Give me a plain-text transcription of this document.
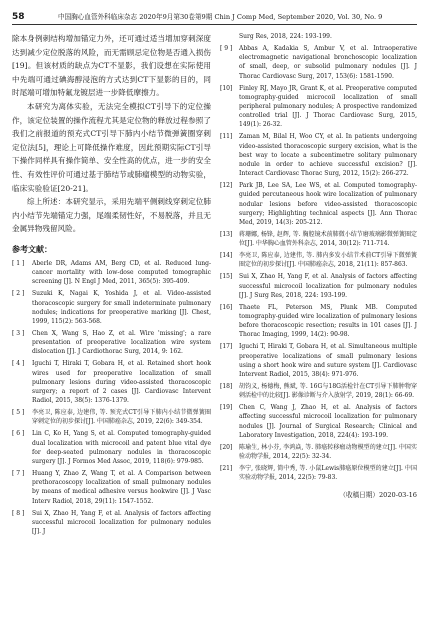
58	中国胸心血管外科临床杂志 2020年9月第30卷第9期 Chin J Comp Med, September 2020, Vol. 30, No. 9

除本身例刺结构增加锚定力外，还可通过适当增加穿刺深度达到减少定位脱落的风险，而无需顾忌定位物是否通入损伤[19]。但该材质的缺点为CT不显影，我们设想在实际使用中先端可通过碘海醇浸泡的方式达到CT下显影的目的，同时尾端可增加特氟龙镀层进一步降低摩擦力。

本研究为离体实验，无法完全模拟CT引导下的定位操作，该定位装置的操作流程尤其是定位物的释放过程参照了我们之前报道的预充式CT引导下肺内小结节微弹簧圈穿刺定位法[5]，理论上可降低操作难度，因此预期实际CT引导下操作同样具有操作简单、安全性高的优点，进一步的安全性、有效性评价可通过基于肺结节或肺瘤模型的动物实验，临床实验验证[20-21]。

综上所述：本研究显示，采用先端平侧刺线穿刺定位肺内小结节先端锚定力强，尾端柔韧性好，不易脱落，并且无金属异物残留风险。

参考文献：
[ 1 ]	Aberle DR, Adams AM, Berg CD, et al. Reduced lung-cancer mortality with low-dose computed tomographic screening [J]. N Engl J Med, 2011, 365(5): 395-409.
[ 2 ]	Suzuki K, Nagai K, Yoshida J, et al. Video-assisted thoracoscopic surgery for small indeterminate pulmonary nodules; indications for preoperative marking [J]. Chest, 1999, 115(2): 563-568.
[ 3 ]	Chen X, Wang S, Hao Z, et al. Wire 'missing'; a rare presentation of preoperative localization wire system dislocation [J]. J Cardiothorac Surg, 2014, 9: 162.
[ 4 ]	Iguchi T, Hiraki T, Gobara H, et al. Retained short hook wires used for preoperative localization of small pulmonary lesions during video-assisted thoracoscopic surgery; a report of 2 cases [J]. Cardiovasc Intervent Radiol, 2015, 38(5): 1376-1379.
[ 5 ]	李亮卫, 陈应泰, 边建伟, 等. 预充式CT引导下肺内小结节微弹簧圈穿刺定位的初步探讨[J]. 中国肺癌杂志, 2019, 22(6): 349-354.
[ 6 ]	Lin C, Ko H, Yang S, et al. Computed tomography-guided dual localization with microcoil and patent blue vital dye for deep-seated pulmonary nodules in thoracoscopic surgery [J]. J Formos Med Assoc, 2019, 118(6): 979-985.
[ 7 ]	Huang Y, Zhao Z, Wang T, et al. A Comparison between prethoracoscopy localization of small pulmonary nodules by means of medical adhesive versus hookwire [J]. J Vasc Interv Radiol, 2018, 29(11): 1547-1552.
[ 8 ]	Sui X, Zhao H, Yang F, et al. Analysis of factors affecting successful microcoil localization for pulmonary nodules [J]. J
Surg Res, 2018, 224: 193-199.
[ 9 ]	Abbas A, Kadakia S, Ambur V, et al. Intraoperative electromagnetic navigational bronchoscopic localization of small, deep, or subsolid pulmonary nodules [J]. J Thorac Cardiovasc Surg, 2017, 153(6): 1581-1590.
[10]	Finley RJ, Mayo JR, Grant K, et al. Preoperative computed tomography-guided microcoil localization of small peripheral pulmonary nodules; A prospective randomized controlled trial [J]. J Thorac Cardiovasc Surg, 2015, 149(1): 26-32.
[11]	Zaman M, Bilal H, Woo CY, et al. In patients undergoing video-assisted thoracoscopic surgery excision, what is the best way to locate a subcentimetre solitary pulmonary nodule in order to achieve successful excision? [J]. Interact Cardiovasc Thorac Surg, 2012, 15(2): 266-272.
[12]	Park JB, Lee SA, Lee WS, et al. Computed tomography-guided percutaneous hook wire localization of pulmonary nodular lesions before video-assisted thoracoscopic surgery; Highlighting technical aspects [J]. Ann Thorac Med, 2019, 14(3): 205-212.
[13]	蒋珊娜, 杨锋, 赵辉, 等. 胸腔镜术前肺微小结节磨玻璃影微弹簧圈定位[J]. 中华胸心血管外科杂志, 2014, 30(12): 711-714.
[14]	李亮卫, 陈应泰, 边建伟, 等. 肺内多发小结节术前CT引导下微弹簧圈定位的初步探讨[J]. 中国肺癌杂志, 2018, 21(11): 857-863.
[15]	Sui X, Zhao H, Yang F, et al. Analysis of factors affecting successful microcoil localization for pulmonary nodules [J]. J Surg Res, 2018, 224: 193-199.
[16]	Thaete FL, Peterson MS, Plunk MB. Computed tomography-guided wire localization of pulmonary lesions before thoracoscopic resection; results in 101 cases [J]. J Thorac Imaging, 1999, 14(2): 90-98.
[17]	Iguchi T, Hiraki T, Gobara H, et al. Simultaneous multiple preoperative localizations of small pulmonary lesions using a short hook wire and suture system [J]. Cardiovasc Intervent Radiol, 2015, 38(4): 971-976.
[18]	胡钧义, 杨德梅, 熊斌, 等. 16G与18G活检针在CT引导下肺肿物穿刺活检中的比较[J]. 影像诊断与介入放射学, 2019, 28(1): 66-69.
[19]	Chen C, Wang J, Zhao H, et al. Analysis of factors affecting successful microcoil localization for pulmonary nodules [J]. Journal of Surgical Research; Clinical and Laboratory Investigation, 2018, 224(4): 193-199.
[20]	陈瑜生, 林小芬, 李鸿焱, 等. 肺癌转移瘤动物模型的建立[J]. 中国实验动物学报, 2014, 22(5): 32-34.
[21]	李宁, 张晓辉, 简中秀, 等. 小鼠Lewis肺癌原位模型的建立[J]. 中国实验动物学报, 2014, 22(5): 79-83.
（收稿日期）2020-03-16
